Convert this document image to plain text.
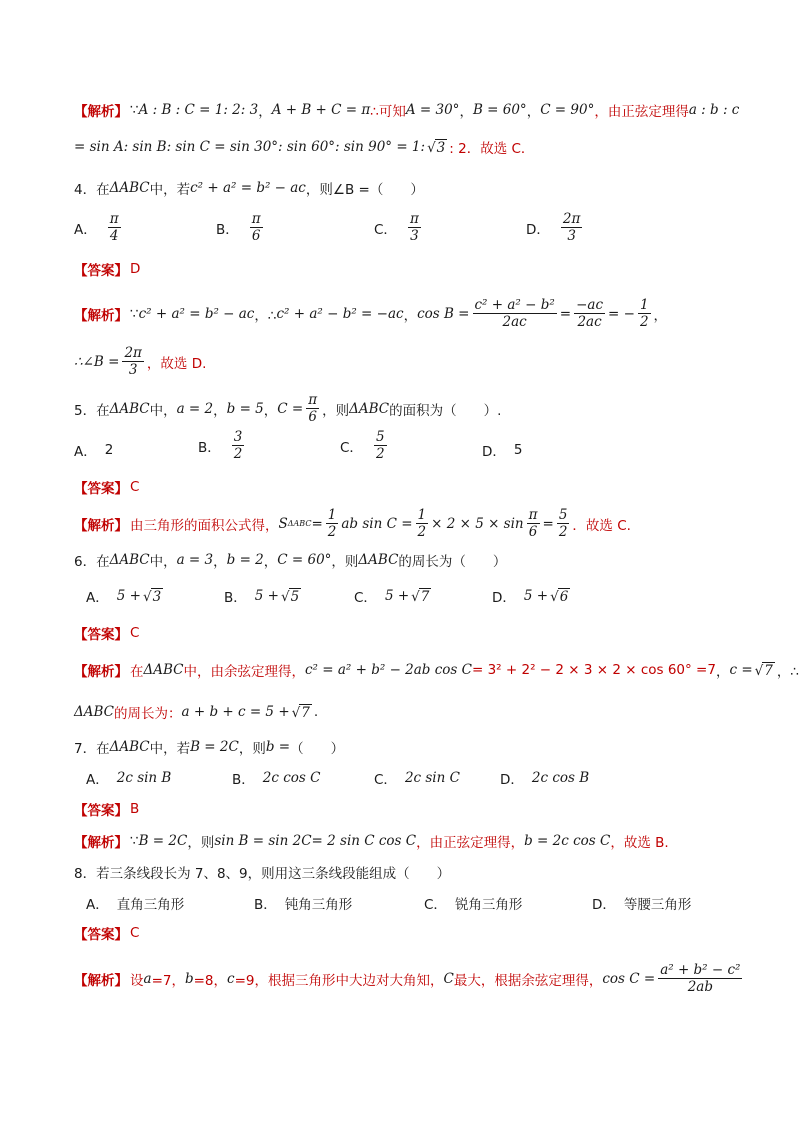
【解析】 ∵ A : B : C = 1: 2: 3 ， A + B + C = π ∴可知 A = 30° ， B = 60° ， C = 90° ，由正弦定理得 a : b : c
= sin A: sin B: sin C = sin 30°: sin 60°: sin 90° = 1: √ 3 : 2．故选 C．
4．在 ΔABC 中，若 c² + a² = b² − ac ，则∠B =（　　）
A． $\frac{\pi}{4}$	B． $\frac{\pi}{6}$	C． $\frac{\pi}{3}$	D． $\frac{2\pi}{3}$
【答案】 D
【解析】 ∵ c² + a² = b² − ac ，∴ c² + a² − b² = −ac ， $\cos B = \frac{\text{c² + a² − b²}}{2ac} = \frac{-ac}{2ac}$ = − $\frac{1}{2}$ ，
∴∠B = $\frac{2\pi}{3}$ ，故选 D.
5．在 ΔABC 中， a = 2 ， b = 5 ， $C = \frac{\pi}{6}$ ，则 ΔABC 的面积为（　　）.
A． 2	B． $\frac{3}{2}$	C． $\frac{5}{2}$	D． 5
【答案】 C
【解析】 由三角形的面积公式得， S $\Delta ABC = \frac{1}{2}$ ab $\sin C = \frac{1}{2} \times 2 \times 5 \times \sin \frac{\pi}{6} = \frac{5}{2}$ ．故选 C.
6．在 ΔABC 中， a = 3 ， b = 2 ， C = 60° ，则 ΔABC 的周长为（　　）
A． 5 + √ 3	B． 5 + √ 5	C． 5 + √ 7	D． 5 + √ 6
【答案】 C
【解析】 在 ΔABC 中，由余弦定理得， c² = a² + b² − 2ab cos C = 3² + 2² − 2 × 3 × 2 × cos 60° =7 ， c = √ 7 ，∴
ΔABC 的周长为： a + b + c = 5 + √ 7 .
7．在 ΔABC 中，若 B = 2C ，则 b = （　　）
A． 2c sin B	B． 2c cos C	C． 2c sin C	D． 2c cos B
【答案】 B
【解析】 ∵ B = 2C ，则 sin B = sin 2C = 2 sin C cos C ，由正弦定理得， b = 2c cos C ，故选 B.
8．若三条线段长为 7、8、9，则用这三条线段能组成（　　）
A． 直角三角形	B． 钝角三角形	C． 锐角三角形	D． 等腰三角形
【答案】 C
【解析】 设 a =7， b =8， c =9，根据三角形中大边对大角知， C 最大，根据余弦定理得， $\cos C = \frac{\text{a² + b² − c²}}{2ab}$
